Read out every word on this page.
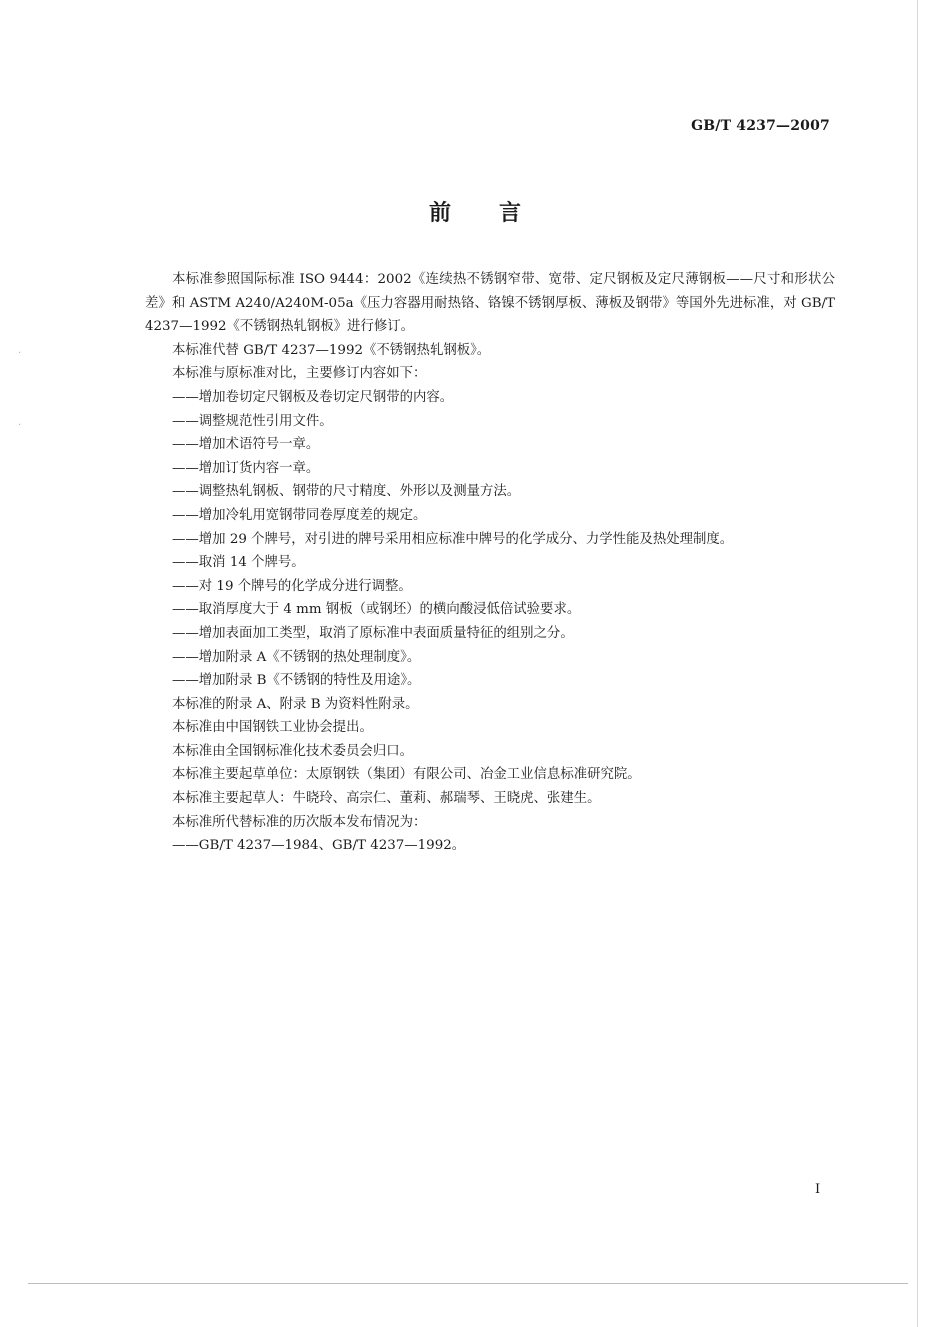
·
·
GB/T 4237—2007
前言

本标准参照国际标准 ISO 9444：2002《连续热不锈钢窄带、宽带、定尺钢板及定尺薄钢板——尺寸和形状公差》和 ASTM A240/A240M-05a《压力容器用耐热铬、铬镍不锈钢厚板、薄板及钢带》等国外先进标准，对 GB/T 4237—1992《不锈钢热轧钢板》进行修订。

本标准代替 GB/T 4237—1992《不锈钢热轧钢板》。

本标准与原标准对比，主要修订内容如下：

——增加卷切定尺钢板及卷切定尺钢带的内容。

——调整规范性引用文件。

——增加术语符号一章。

——增加订货内容一章。

——调整热轧钢板、钢带的尺寸精度、外形以及测量方法。

——增加冷轧用宽钢带同卷厚度差的规定。

——增加 29 个牌号，对引进的牌号采用相应标准中牌号的化学成分、力学性能及热处理制度。

——取消 14 个牌号。

——对 19 个牌号的化学成分进行调整。

——取消厚度大于 4 mm 钢板（或钢坯）的横向酸浸低倍试验要求。

——增加表面加工类型，取消了原标准中表面质量特征的组别之分。

——增加附录 A《不锈钢的热处理制度》。

——增加附录 B《不锈钢的特性及用途》。

本标准的附录 A、附录 B 为资料性附录。

本标准由中国钢铁工业协会提出。

本标准由全国钢标准化技术委员会归口。

本标准主要起草单位：太原钢铁（集团）有限公司、冶金工业信息标准研究院。

本标准主要起草人：牛晓玲、高宗仁、董莉、郝瑞琴、王晓虎、张建生。

本标准所代替标准的历次版本发布情况为：

——GB/T 4237—1984、GB/T 4237—1992。

I
